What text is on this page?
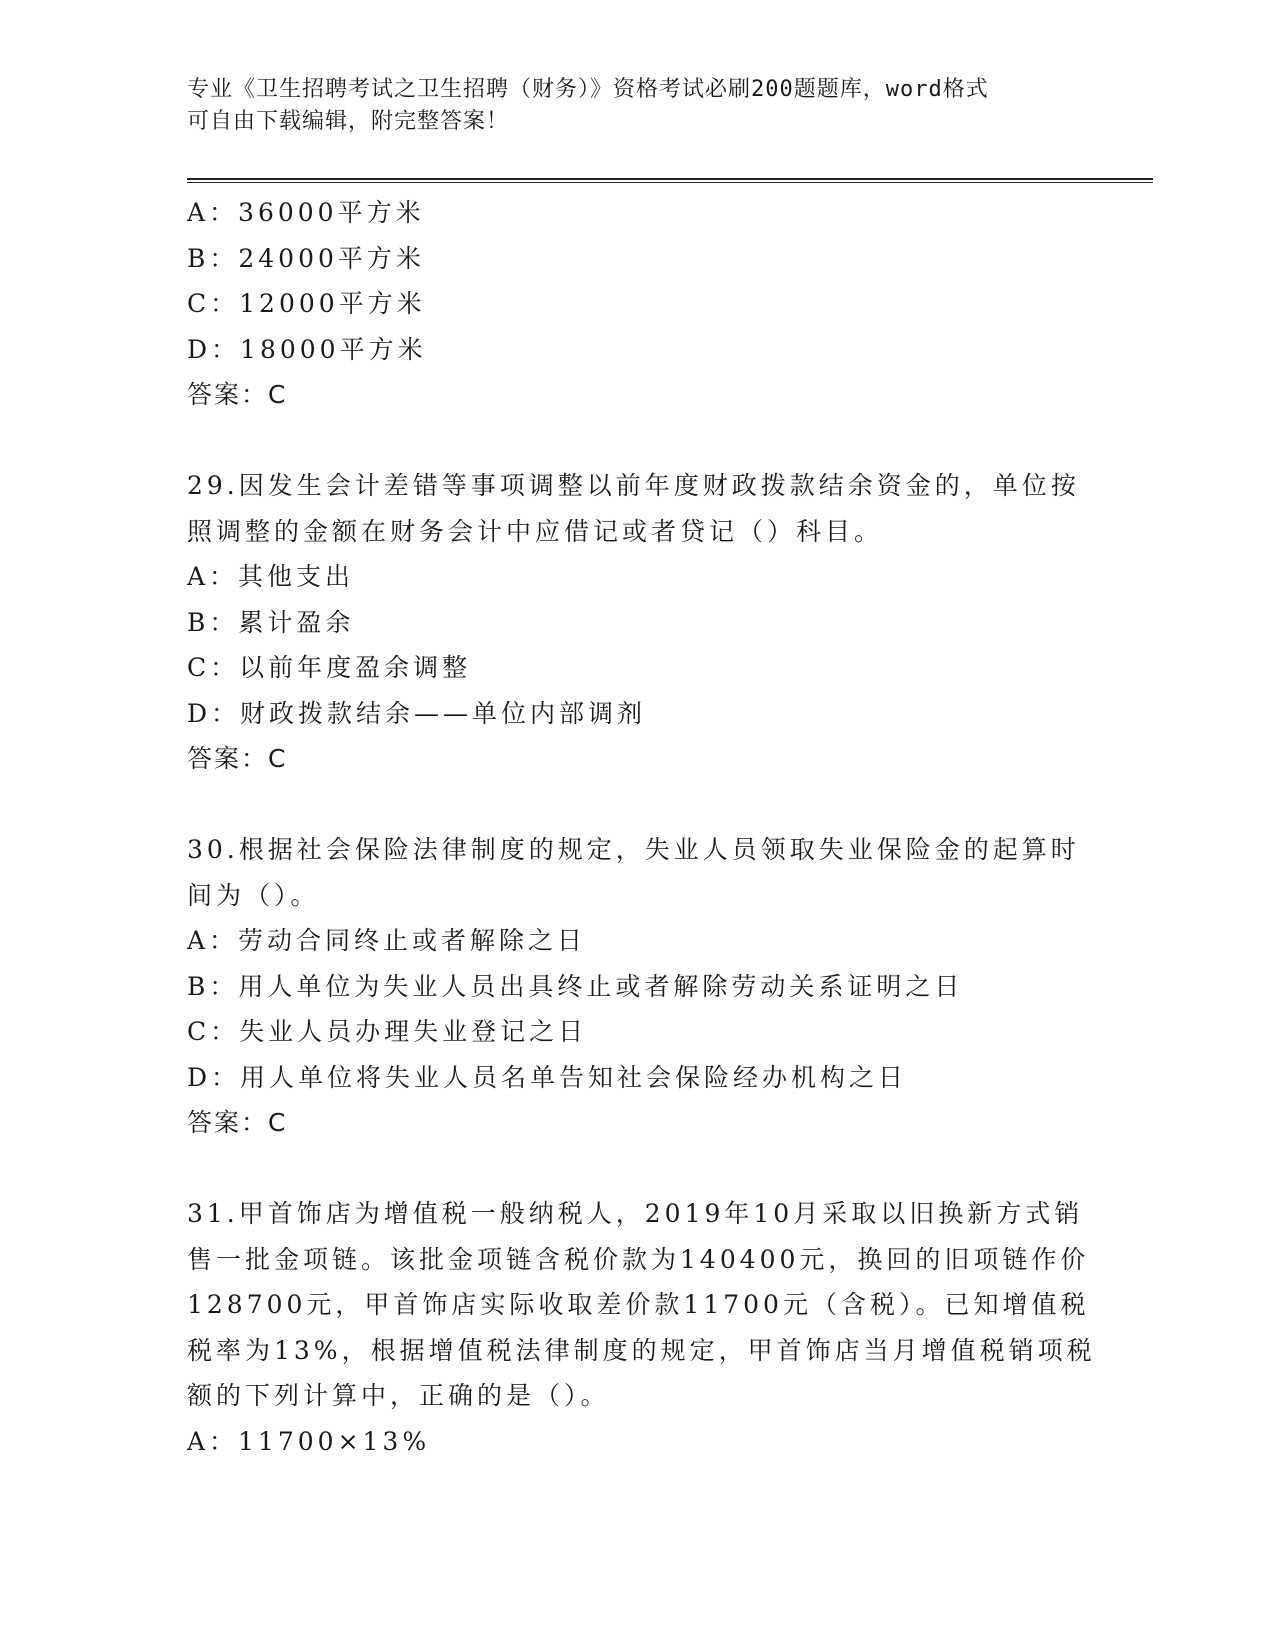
专业《卫生招聘考试之卫生招聘（财务）》资格考试必刷200题题库，word格式
可自由下载编辑，附完整答案！
A：36000平方米
B：24000平方米
C：12000平方米
D：18000平方米
答案：C
29.因发生会计差错等事项调整以前年度财政拨款结余资金的，单位按
照调整的金额在财务会计中应借记或者贷记（）科目。
A：其他支出
B：累计盈余
C：以前年度盈余调整
D：财政拨款结余——单位内部调剂
答案：C
30.根据社会保险法律制度的规定，失业人员领取失业保险金的起算时
间为（）。
A：劳动合同终止或者解除之日
B：用人单位为失业人员出具终止或者解除劳动关系证明之日
C：失业人员办理失业登记之日
D：用人单位将失业人员名单告知社会保险经办机构之日
答案：C
31.甲首饰店为增值税一般纳税人，2019年10月采取以旧换新方式销
售一批金项链。该批金项链含税价款为140400元，换回的旧项链作价
128700元，甲首饰店实际收取差价款11700元（含税）。已知增值税
税率为13%，根据增值税法律制度的规定，甲首饰店当月增值税销项税
额的下列计算中，正确的是（）。
A：11700×13%
